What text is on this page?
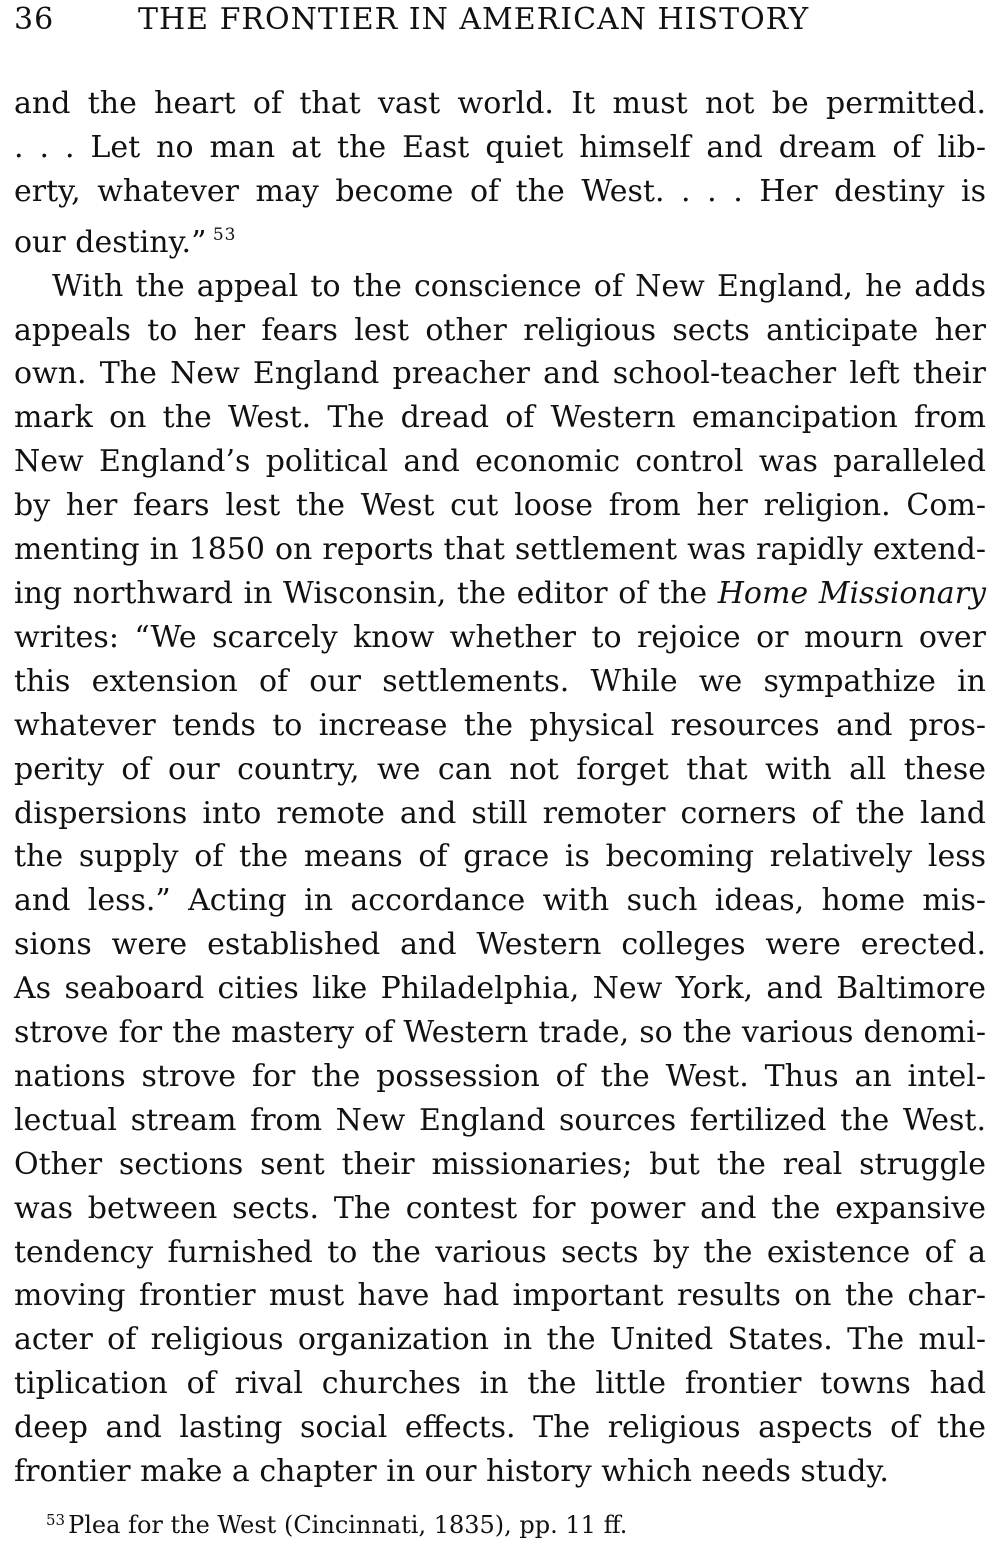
36	THE FRONTIER IN AMERICAN HISTORY
and the heart of that vast world. It must not be permitted.
. . . Let no man at the East quiet himself and dream of lib-
erty, whatever may become of the West. . . . Her destiny is
our destiny.” $^{53}$
With the appeal to the conscience of New England, he adds
appeals to her fears lest other religious sects anticipate her
own. The New England preacher and school-teacher left their
mark on the West. The dread of Western emancipation from
New England’s political and economic control was paralleled
by her fears lest the West cut loose from her religion. Com-
menting in 1850 on reports that settlement was rapidly extend-
ing northward in Wisconsin, the editor of the Home Missionary
writes: “We scarcely know whether to rejoice or mourn over
this extension of our settlements. While we sympathize in
whatever tends to increase the physical resources and pros-
perity of our country, we can not forget that with all these
dispersions into remote and still remoter corners of the land
the supply of the means of grace is becoming relatively less
and less.” Acting in accordance with such ideas, home mis-
sions were established and Western colleges were erected.
As seaboard cities like Philadelphia, New York, and Baltimore
strove for the mastery of Western trade, so the various denomi-
nations strove for the possession of the West. Thus an intel-
lectual stream from New England sources fertilized the West.
Other sections sent their missionaries; but the real struggle
was between sects. The contest for power and the expansive
tendency furnished to the various sects by the existence of a
moving frontier must have had important results on the char-
acter of religious organization in the United States. The mul-
tiplication of rival churches in the little frontier towns had
deep and lasting social effects. The religious aspects of the
frontier make a chapter in our history which needs study.
$^{53}$ Plea for the West (Cincinnati, 1835), pp. 11 ff.
